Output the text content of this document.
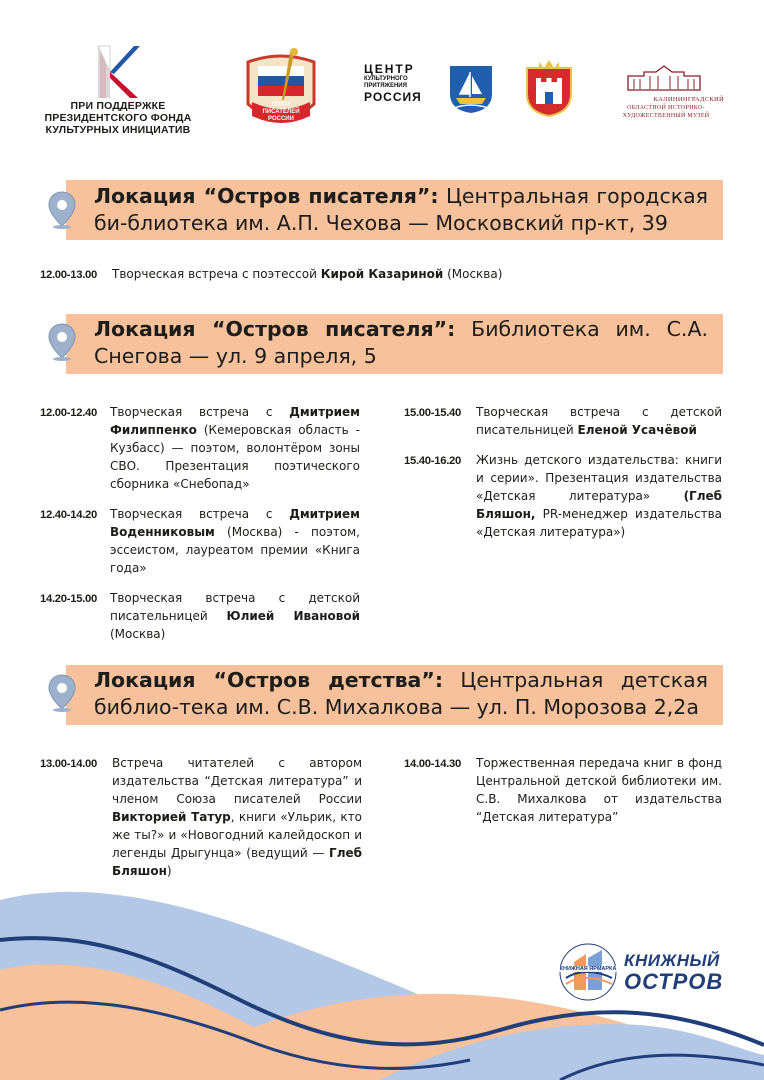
ПРИ ПОДДЕРЖКЕ
ПРЕЗИДЕНТСКОГО ФОНДА
КУЛЬТУРНЫХ ИНИЦИАТИВ
СОЮЗ
ПИСАТЕЛЕЙ
РОССИИ
ЦЕНТР
КУЛЬТУРНОГО
ПРИТЯЖЕНИЯ
РОССИЯ	КАЛИНИНГРАДСКИЙ
ОБЛАСТНОЙ ИСТОРИКО-ХУДОЖЕСТВЕННЫЙ МУЗЕЙ
Локация “Остров писателя”: Центральная городская би-блиотека им. А.П. Чехова — Московский пр-кт, 39
12.00-13.00 Творческая встреча с поэтессой Кирой Казариной (Москва)
Локация “Остров писателя”: Библиотека им. С.А. Снегова — ул. 9 апреля, 5
12.00-12.40 Творческая встреча с Дмитрием Филиппенко (Кемеровская область - Кузбасс) — поэтом, волонтёром зоны СВО. Презентация поэтического сборника «Снебопад»
12.40-14.20 Творческая встреча с Дмитрием Воденниковым (Москва) - поэтом, эссеистом, лауреатом премии «Книга года»
14.20-15.00 Творческая встреча с детской писательницей Юлией Ивановой (Москва)
15.00-15.40 Творческая встреча с детской писательницей Еленой Усачёвой
15.40-16.20 Жизнь детского издательства: книги и серии». Презентация издательства «Детская литература» (Глеб Бляшон, PR-менеджер издательства «Детская литература»)
Локация “Остров детства”: Центральная детская библио-тека им. С.В. Михалкова — ул. П. Морозова 2,2а
13.00-14.00 Встреча читателей с автором издательства “Детская литература” и членом Союза писателей России Викторией Татур, книги «Ульрик, кто же ты?» и «Новогодний калейдоскоп и легенды Дрыгунца» (ведущий — Глеб Бляшон)
14.00-14.30 Торжественная передача книг в фонд Центральной детской библиотеки им. С.В. Михалкова от издательства “Детская литература”
КНИЖНАЯ ЯРМАРКА КНИЖНЫЙ
ОСТРОВ
